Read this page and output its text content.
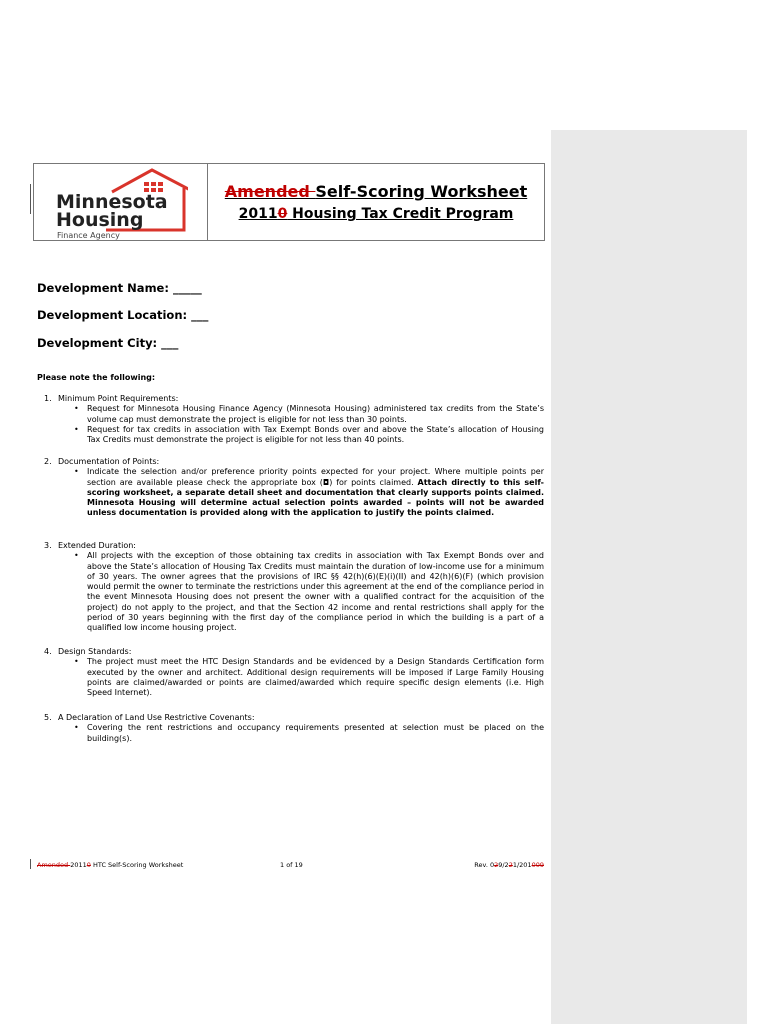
Minnesota
Housing
Finance Agency
Amended Self-Scoring Worksheet
20110 Housing Tax Credit Program
Development Name: _____
Development Location: ___
Development City: ___
Please note the following:
1. Minimum Point Requirements:
• Request for Minnesota Housing Finance Agency (Minnesota Housing) administered tax credits from the State’s volume cap must demonstrate the project is eligible for not less than 30 points.
• Request for tax credits in association with Tax Exempt Bonds over and above the State’s allocation of Housing Tax Credits must demonstrate the project is eligible for not less than 40 points.
2. Documentation of Points:
• Indicate the selection and/or preference priority points expected for your project. Where multiple points per section are available please check the appropriate box (◘) for points claimed. Attach directly to this self-scoring worksheet, a separate detail sheet and documentation that clearly supports points claimed. Minnesota Housing will determine actual selection points awarded – points will not be awarded unless documentation is provided along with the application to justify the points claimed.
3. Extended Duration:
• All projects with the exception of those obtaining tax credits in association with Tax Exempt Bonds over and above the State’s allocation of Housing Tax Credits must maintain the duration of low-income use for a minimum of 30 years. The owner agrees that the provisions of IRC §§ 42(h)(6)(E)(i)(II) and 42(h)(6)(F) (which provision would permit the owner to terminate the restrictions under this agreement at the end of the compliance period in the event Minnesota Housing does not present the owner with a qualified contract for the acquisition of the project) do not apply to the project, and that the Section 42 income and rental restrictions shall apply for the period of 30 years beginning with the first day of the compliance period in which the building is a part of a qualified low income housing project.
4. Design Standards:
• The project must meet the HTC Design Standards and be evidenced by a Design Standards Certification form executed by the owner and architect. Additional design requirements will be imposed if Large Family Housing points are claimed/awarded or points are claimed/awarded which require specific design elements (i.e. High Speed Internet).
5. A Declaration of Land Use Restrictive Covenants:
• Covering the rent restrictions and occupancy requirements presented at selection must be placed on the building(s).
Amended 20110 HTC Self-Scoring Worksheet	1 of 19	Rev. 029/221/201009
